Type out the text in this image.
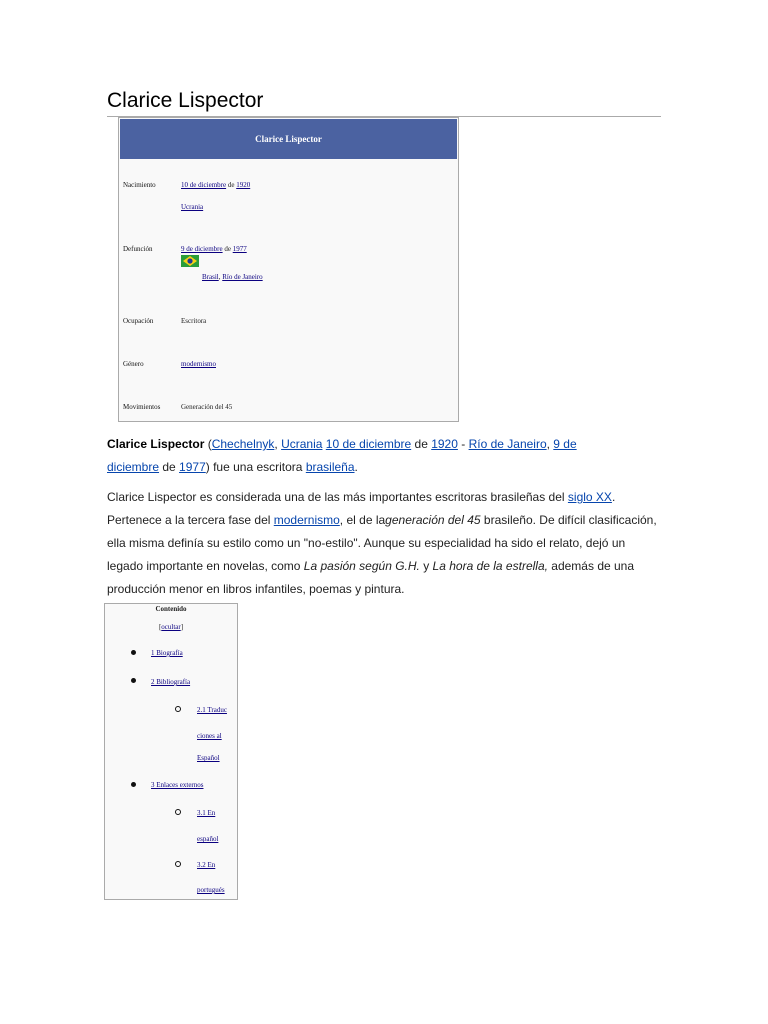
Clarice Lispector
Clarice Lispector
Nacimiento	10 de diciembre de 1920
Ucrania
Defunción	9 de diciembre de 1977
Brasil, Río de Janeiro
Ocupación	Escritora
Género	modernismo
Movimientos	Generación del 45
Clarice Lispector (Chechelnyk, Ucrania 10 de diciembre de 1920 - Río de Janeiro, 9 de
diciembre de 1977) fue una escritora brasileña.
Clarice Lispector es considerada una de las más importantes escritoras brasileñas del siglo XX.
Pertenece a la tercera fase del modernismo, el de lageneración del 45 brasileño. De difícil clasificación,
ella misma definía su estilo como un "no-estilo". Aunque su especialidad ha sido el relato, dejó un
legado importante en novelas, como La pasión según G.H. y La hora de la estrella, además de una
producción menor en libros infantiles, poemas y pintura.
Contenido
[ocultar]
1 Biografía
2 Bibliografía
2.1 Traduc
ciones al
Español
3 Enlaces externos
3.1 En
español
3.2 En
portugués
